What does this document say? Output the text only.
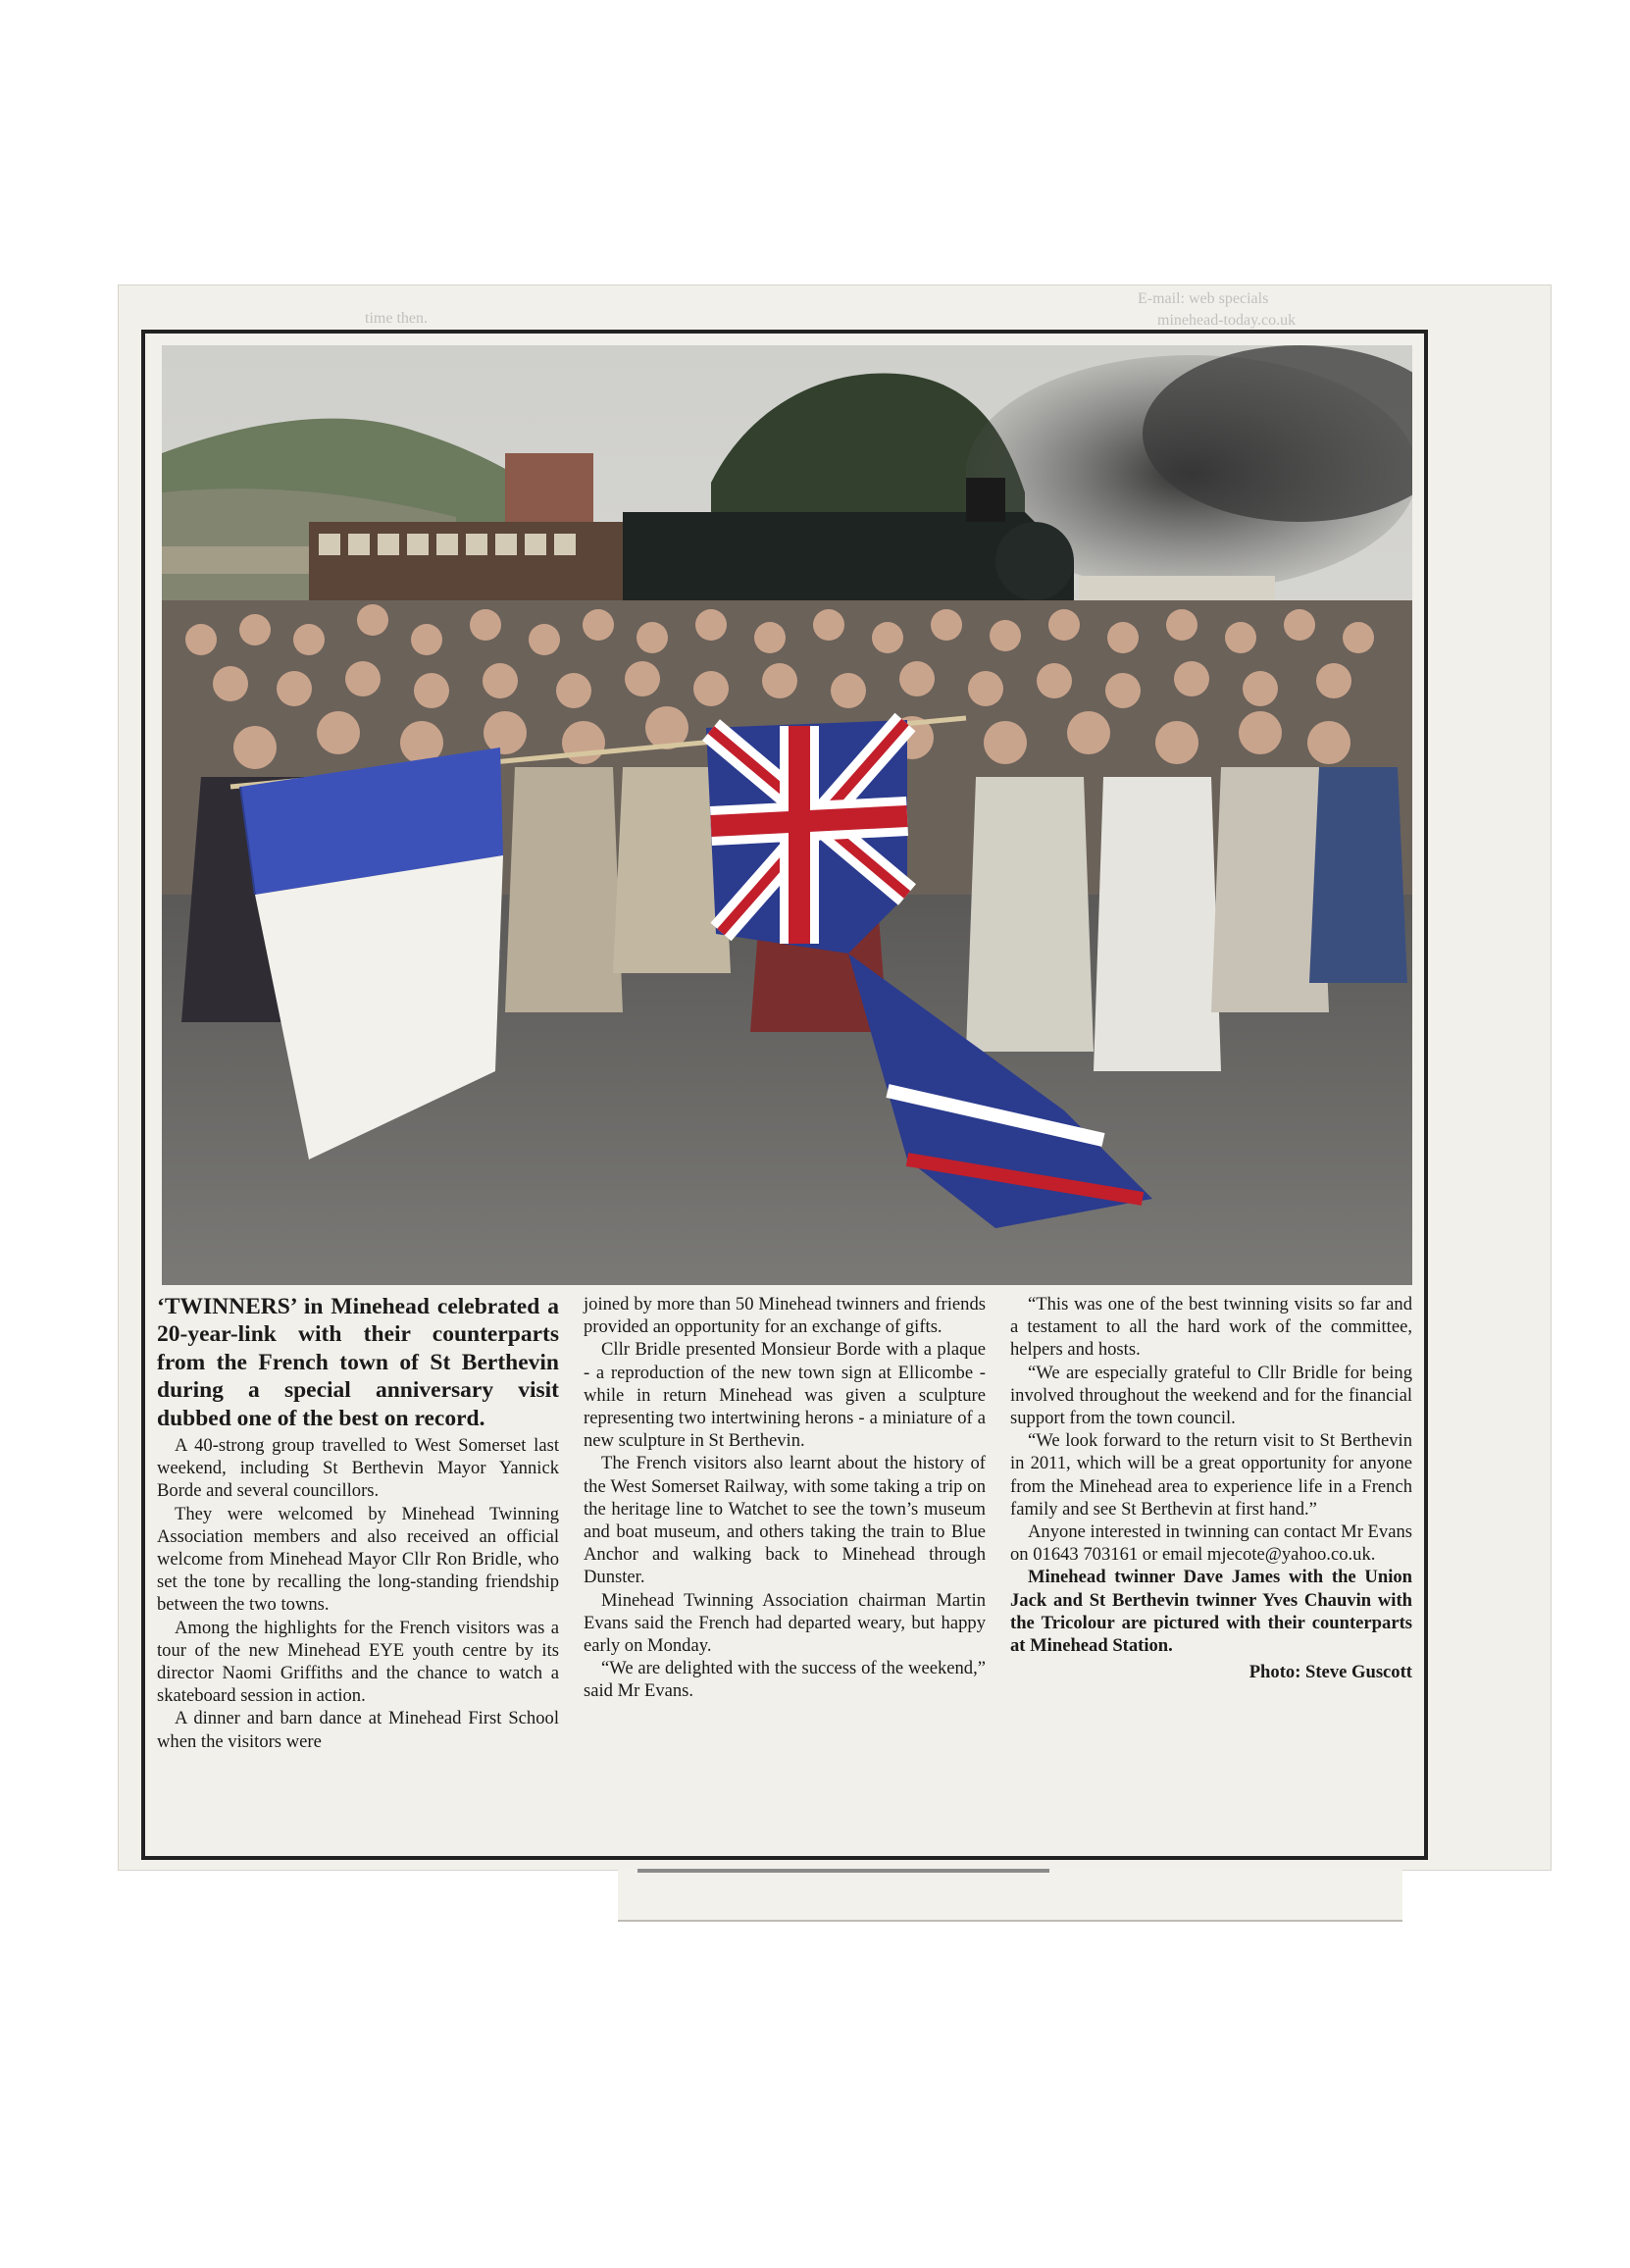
E-mail: web specials
minehead-today.co.uk
time then.

‘TWINNERS’ in Minehead celebrated a 20-year-link with their counterparts from the French town of St Berthevin during a special anniversary visit dubbed one of the best on record.

A 40-strong group travelled to West Somerset last weekend, including St Berthevin Mayor Yannick Borde and several councillors.

They were welcomed by Minehead Twinning Association members and also received an official welcome from Minehead Mayor Cllr Ron Bridle, who set the tone by recalling the long-standing friendship between the two towns.

Among the highlights for the French visitors was a tour of the new Minehead EYE youth centre by its director Naomi Griffiths and the chance to watch a skateboard session in action.

A dinner and barn dance at Minehead First School when the visitors were

joined by more than 50 Minehead twinners and friends provided an opportunity for an exchange of gifts.

Cllr Bridle presented Monsieur Borde with a plaque - a reproduction of the new town sign at Ellicombe - while in return Minehead was given a sculpture representing two intertwining herons - a miniature of a new sculpture in St Berthevin.

The French visitors also learnt about the history of the West Somerset Railway, with some taking a trip on the heritage line to Watchet to see the town’s museum and boat museum, and others taking the train to Blue Anchor and walking back to Minehead through Dunster.

Minehead Twinning Association chairman Martin Evans said the French had departed weary, but happy early on Monday.

“We are delighted with the success of the weekend,” said Mr Evans.

“This was one of the best twinning visits so far and a testament to all the hard work of the committee, helpers and hosts.

“We are especially grateful to Cllr Bridle for being involved throughout the weekend and for the financial support from the town council.

“We look forward to the return visit to St Berthevin in 2011, which will be a great opportunity for anyone from the Minehead area to experience life in a French family and see St Berthevin at first hand.”

Anyone interested in twinning can contact Mr Evans on 01643 703161 or email mjecote@yahoo.co.uk.

Minehead twinner Dave James with the Union Jack and St Berthevin twinner Yves Chauvin with the Tricolour are pictured with their counterparts at Minehead Station.

Photo: Steve Guscott
